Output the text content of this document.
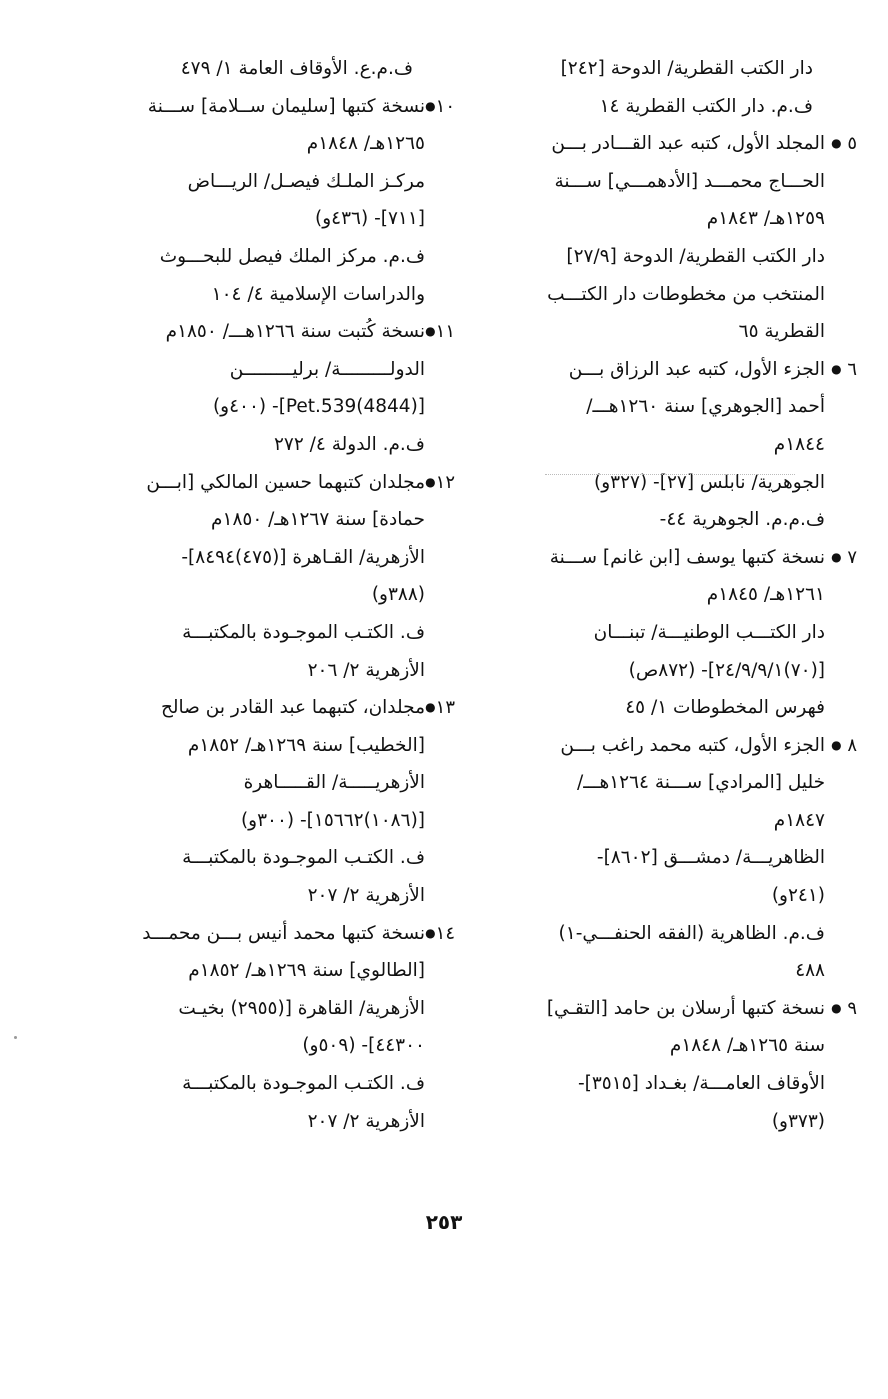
دار الكتب القطرية/ الدوحة [٢٤٢]
ف.م. دار الكتب القطرية ١٤
٥ ●
المجلد الأول، كتبه عبد القـــادر بـــن
الحـــاج محمـــد [الأدهمـــي] ســـنة
١٢٥٩هـ/ ١٨٤٣م
دار الكتب القطرية/ الدوحة [٢٧/٩]
المنتخب من مخطوطات دار الكتـــب
القطرية ٦٥
٦ ●
الجزء الأول، كتبه عبد الرزاق بـــن
أحمد [الجوهري] سنة ١٢٦٠هـــ/
١٨٤٤م
الجوهرية/ نابلس [٢٧]- (٣٢٧و)
ف.م.م. الجوهرية ٤٤-
٧ ●
نسخة كتبها يوسف [ابن غانم] ســـنة
١٢٦١هـ/ ١٨٤٥م
دار الكتـــب الوطنيـــة/ تبنـــان
[(٧٠)٢٤/٩/٩/١]- (٨٧٢ص)
فهرس المخطوطات ١/ ٤٥
٨ ●
الجزء الأول، كتبه محمد راغب بـــن
خليل [المرادي] ســـنة ١٢٦٤هـــ/
١٨٤٧م
الظاهريـــة/ دمشـــق [٨٦٠٢]-
(٢٤١و)
ف.م. الظاهرية (الفقه الحنفـــي-١)
٤٨٨
٩ ●
نسخة كتبها أرسلان بن حامد [التقـي]
سنة ١٢٦٥هـ/ ١٨٤٨م
الأوقاف العامـــة/ بغـداد [٣٥١٥]-
(٣٧٣و)
ف.م.ع. الأوقاف العامة ١/ ٤٧٩
١٠●
نسخة كتبها [سليمان ســلامة] ســـنة
١٢٦٥هـ/ ١٨٤٨م
مركـز الملـك فيصـل/ الريـــاض
[٧١١]- (٤٣٦و)
ف.م. مركز الملك فيصل للبحـــوث
والدراسات الإسلامية ٤/ ١٠٤
١١●
نسخة كُتبت سنة ١٢٦٦هـــ/ ١٨٥٠م
الدولـــــــــة/ برليـــــــــن
[(4844)Pet.539]- (٤٠٠و)
ف.م. الدولة ٤/ ٢٧٢
١٢●
مجلدان كتبهما حسين المالكي [ابـــن
حمادة] سنة ١٢٦٧هـ/ ١٨٥٠م
الأزهرية/ القـاهرة [(٤٧٥)٨٤٩٤]-
(٣٨٨و)
ف. الكتـب الموجـودة بالمكتبـــة
الأزهرية ٢/ ٢٠٦
١٣●
مجلدان، كتبهما عبد القادر بن صالح
[الخطيب] سنة ١٢٦٩هـ/ ١٨٥٢م
الأزهريـــــة/ القـــــاهرة
[(١٠٨٦)١٥٦٦٢]- (٣٠٠و)
ف. الكتـب الموجـودة بالمكتبـــة
الأزهرية ٢/ ٢٠٧
١٤●
نسخة كتبها محمد أنيس بـــن محمـــد
[الطالوي] سنة ١٢٦٩هـ/ ١٨٥٢م
الأزهرية/ القاهرة [(٢٩٥٥) بخيـت
٤٤٣٠٠]- (٥٠٩و)
ف. الكتـب الموجـودة بالمكتبـــة
الأزهرية ٢/ ٢٠٧
٢٥٣
